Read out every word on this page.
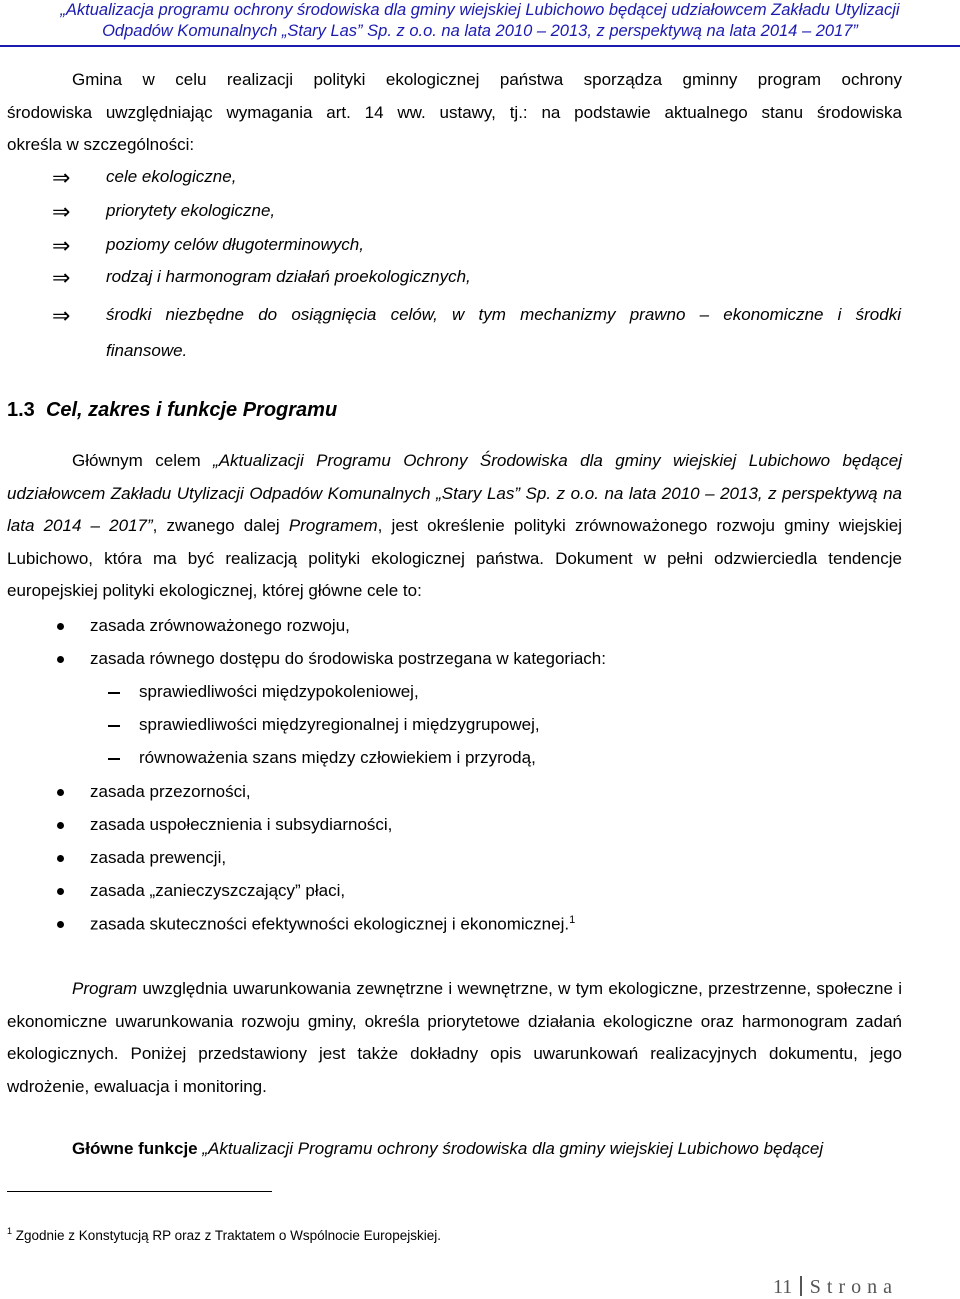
„Aktualizacja programu ochrony środowiska dla gminy wiejskiej Lubichowo będącej udziałowcem Zakładu Utylizacji
Odpadów Komunalnych „Stary Las” Sp. z o.o. na lata 2010 – 2013, z perspektywą na lata 2014 – 2017”
Gmina w celu realizacji polityki ekologicznej państwa sporządza gminny program ochrony
środowiska uwzględniając wymagania art. 14 ww. ustawy, tj.: na podstawie aktualnego stanu środowiska
określa w szczególności:
⇒ cele ekologiczne,
⇒ priorytety ekologiczne,
⇒ poziomy celów długoterminowych,
⇒ rodzaj i harmonogram działań proekologicznych,
⇒ środki niezbędne do osiągnięcia celów, w tym mechanizmy prawno – ekonomiczne i środki
finansowe.
1.3 Cel, zakres i funkcje Programu
Głównym celem „Aktualizacji Programu Ochrony Środowiska dla gminy wiejskiej Lubichowo będącej udziałowcem Zakładu Utylizacji Odpadów Komunalnych „Stary Las” Sp. z o.o. na lata 2010 – 2013, z perspektywą na lata 2014 – 2017”, zwanego dalej Programem, jest określenie polityki zrównoważonego rozwoju gminy wiejskiej Lubichowo, która ma być realizacją polityki ekologicznej państwa. Dokument w pełni odzwierciedla tendencje europejskiej polityki ekologicznej, której główne cele to:
zasada zrównoważonego rozwoju,
zasada równego dostępu do środowiska postrzegana w kategoriach:
sprawiedliwości międzypokoleniowej,
sprawiedliwości międzyregionalnej i międzygrupowej,
równoważenia szans między człowiekiem i przyrodą,
zasada przezorności,
zasada uspołecznienia i subsydiarności,
zasada prewencji,
zasada „zanieczyszczający” płaci,
zasada skuteczności efektywności ekologicznej i ekonomicznej.$^1$
Program uwzględnia uwarunkowania zewnętrzne i wewnętrzne, w tym ekologiczne, przestrzenne, społeczne i ekonomiczne uwarunkowania rozwoju gminy, określa priorytetowe działania ekologiczne oraz harmonogram zadań ekologicznych. Poniżej przedstawiony jest także dokładny opis uwarunkowań realizacyjnych dokumentu, jego wdrożenie, ewaluacja i monitoring.
Główne funkcje „Aktualizacji Programu ochrony środowiska dla gminy wiejskiej Lubichowo będącej
$^1$ Zgodnie z Konstytucją RP oraz z Traktatem o Wspólnocie Europejskiej.
11 Strona
